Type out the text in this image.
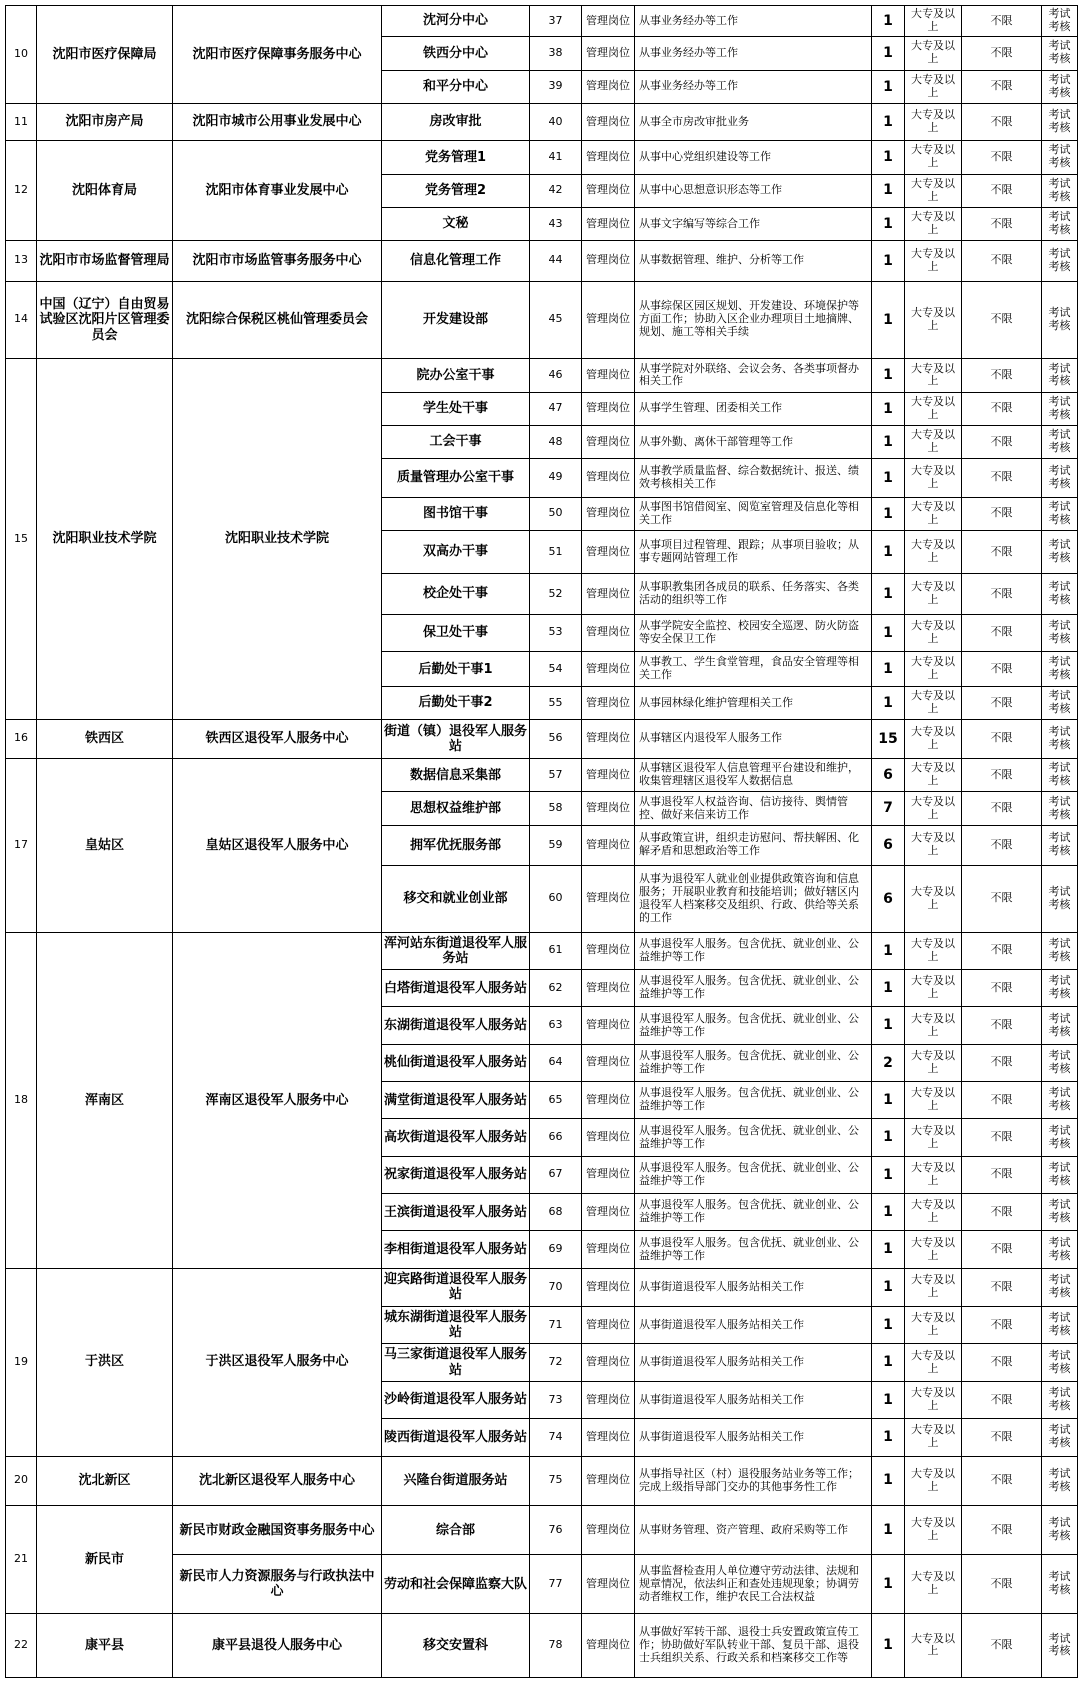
10	沈阳市医疗保障局	沈阳市医疗保障事务服务中心	沈河分中心	37	管理岗位	从事业务经办等工作	1	大专及以上	不限	考试考核
			铁西分中心	38	管理岗位	从事业务经办等工作	1	大专及以上	不限	考试考核
			和平分中心	39	管理岗位	从事业务经办等工作	1	大专及以上	不限	考试考核
11	沈阳市房产局	沈阳市城市公用事业发展中心	房改审批	40	管理岗位	从事全市房改审批业务	1	大专及以上	不限	考试考核
12	沈阳体育局	沈阳市体育事业发展中心	党务管理1	41	管理岗位	从事中心党组织建设等工作	1	大专及以上	不限	考试考核
			党务管理2	42	管理岗位	从事中心思想意识形态等工作	1	大专及以上	不限	考试考核
			文秘	43	管理岗位	从事文字编写等综合工作	1	大专及以上	不限	考试考核
13	沈阳市市场监督管理局	沈阳市市场监管事务服务中心	信息化管理工作	44	管理岗位	从事数据管理、维护、分析等工作	1	大专及以上	不限	考试考核
14	中国（辽宁）自由贸易试验区沈阳片区管理委员会	沈阳综合保税区桃仙管理委员会	开发建设部	45	管理岗位	从事综保区园区规划、开发建设、环境保护等方面工作；协助入区企业办理项目土地摘牌、规划、施工等相关手续	1	大专及以上	不限	考试考核
15	沈阳职业技术学院	沈阳职业技术学院	院办公室干事	46	管理岗位	从事学院对外联络、会议会务、各类事项督办相关工作	1	大专及以上	不限	考试考核
			学生处干事	47	管理岗位	从事学生管理、团委相关工作	1	大专及以上	不限	考试考核
			工会干事	48	管理岗位	从事外勤、离休干部管理等工作	1	大专及以上	不限	考试考核
			质量管理办公室干事	49	管理岗位	从事教学质量监督、综合数据统计、报送、绩效考核相关工作	1	大专及以上	不限	考试考核
			图书馆干事	50	管理岗位	从事图书馆借阅室、阅览室管理及信息化等相关工作	1	大专及以上	不限	考试考核
			双高办干事	51	管理岗位	从事项目过程管理、跟踪；从事项目验收；从事专题网站管理工作	1	大专及以上	不限	考试考核
			校企处干事	52	管理岗位	从事职教集团各成员的联系、任务落实、各类活动的组织等工作	1	大专及以上	不限	考试考核
			保卫处干事	53	管理岗位	从事学院安全监控、校园安全巡逻、防火防盗等安全保卫工作	1	大专及以上	不限	考试考核
			后勤处干事1	54	管理岗位	从事教工、学生食堂管理，食品安全管理等相关工作	1	大专及以上	不限	考试考核
			后勤处干事2	55	管理岗位	从事园林绿化维护管理相关工作	1	大专及以上	不限	考试考核
16	铁西区	铁西区退役军人服务中心	街道（镇）退役军人服务站	56	管理岗位	从事辖区内退役军人服务工作	15	大专及以上	不限	考试考核
17	皇姑区	皇姑区退役军人服务中心	数据信息采集部	57	管理岗位	从事辖区退役军人信息管理平台建设和维护，收集管理辖区退役军人数据信息	6	大专及以上	不限	考试考核
			思想权益维护部	58	管理岗位	从事退役军人权益咨询、信访接待、舆情管控、做好来信来访工作	7	大专及以上	不限	考试考核
			拥军优抚服务部	59	管理岗位	从事政策宣讲，组织走访慰问、帮扶解困、化解矛盾和思想政治等工作	6	大专及以上	不限	考试考核
			移交和就业创业部	60	管理岗位	从事为退役军人就业创业提供政策咨询和信息服务；开展职业教育和技能培训；做好辖区内退役军人档案移交及组织、行政、供给等关系的工作	6	大专及以上	不限	考试考核
18	浑南区	浑南区退役军人服务中心	浑河站东街道退役军人服务站	61	管理岗位	从事退役军人服务。包含优抚、就业创业、公益维护等工作	1	大专及以上	不限	考试考核
			白塔街道退役军人服务站	62	管理岗位	从事退役军人服务。包含优抚、就业创业、公益维护等工作	1	大专及以上	不限	考试考核
			东湖街道退役军人服务站	63	管理岗位	从事退役军人服务。包含优抚、就业创业、公益维护等工作	1	大专及以上	不限	考试考核
			桃仙街道退役军人服务站	64	管理岗位	从事退役军人服务。包含优抚、就业创业、公益维护等工作	2	大专及以上	不限	考试考核
			满堂街道退役军人服务站	65	管理岗位	从事退役军人服务。包含优抚、就业创业、公益维护等工作	1	大专及以上	不限	考试考核
			高坎街道退役军人服务站	66	管理岗位	从事退役军人服务。包含优抚、就业创业、公益维护等工作	1	大专及以上	不限	考试考核
			祝家街道退役军人服务站	67	管理岗位	从事退役军人服务。包含优抚、就业创业、公益维护等工作	1	大专及以上	不限	考试考核
			王滨街道退役军人服务站	68	管理岗位	从事退役军人服务。包含优抚、就业创业、公益维护等工作	1	大专及以上	不限	考试考核
			李相街道退役军人服务站	69	管理岗位	从事退役军人服务。包含优抚、就业创业、公益维护等工作	1	大专及以上	不限	考试考核
19	于洪区	于洪区退役军人服务中心	迎宾路街道退役军人服务站	70	管理岗位	从事街道退役军人服务站相关工作	1	大专及以上	不限	考试考核
			城东湖街道退役军人服务站	71	管理岗位	从事街道退役军人服务站相关工作	1	大专及以上	不限	考试考核
			马三家街道退役军人服务站	72	管理岗位	从事街道退役军人服务站相关工作	1	大专及以上	不限	考试考核
			沙岭街道退役军人服务站	73	管理岗位	从事街道退役军人服务站相关工作	1	大专及以上	不限	考试考核
			陵西街道退役军人服务站	74	管理岗位	从事街道退役军人服务站相关工作	1	大专及以上	不限	考试考核
20	沈北新区	沈北新区退役军人服务中心	兴隆台街道服务站	75	管理岗位	从事指导社区（村）退役服务站业务等工作；完成上级指导部门交办的其他事务性工作	1	大专及以上	不限	考试考核
21	新民市	新民市财政金融国资事务服务中心	综合部	76	管理岗位	从事财务管理、资产管理、政府采购等工作	1	大专及以上	不限	考试考核
		新民市人力资源服务与行政执法中心	劳动和社会保障监察大队	77	管理岗位	从事监督检查用人单位遵守劳动法律、法规和规章情况，依法纠正和查处违规现象；协调劳动者维权工作，维护农民工合法权益	1	大专及以上	不限	考试考核
22	康平县	康平县退役人服务中心	移交安置科	78	管理岗位	从事做好军转干部、退役士兵安置政策宣传工作；协助做好军队转业干部、复员干部、退役士兵组织关系、行政关系和档案移交工作等	1	大专及以上	不限	考试考核
